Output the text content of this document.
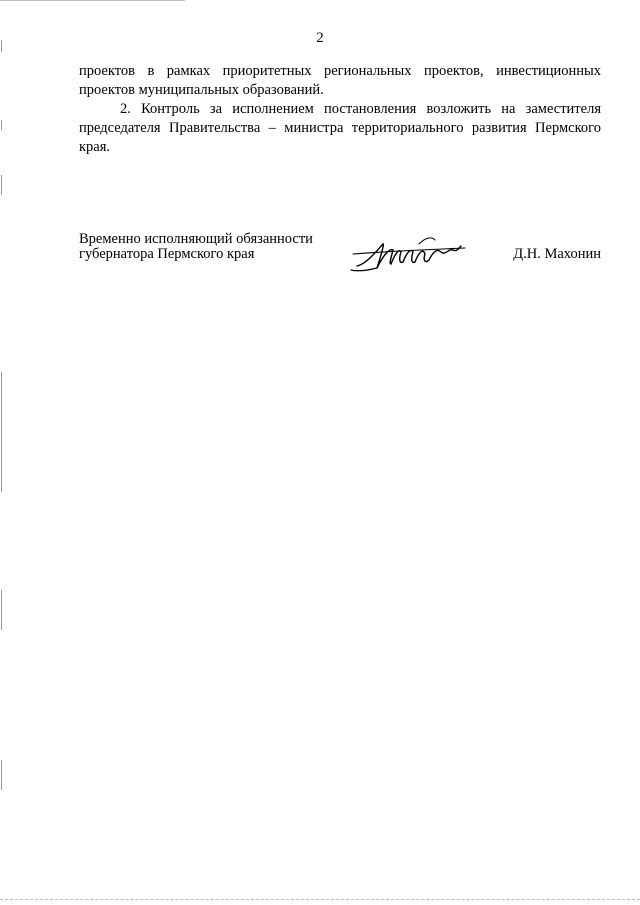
2

проектов в рамках приоритетных региональных проектов, инвестиционных проектов муниципальных образований.

2. Контроль за исполнением постановления возложить на заместителя председателя Правительства – министра территориального развития Пермского края.

Временно исполняющий обязанности
губернатора Пермского края	Д.Н. Махонин
